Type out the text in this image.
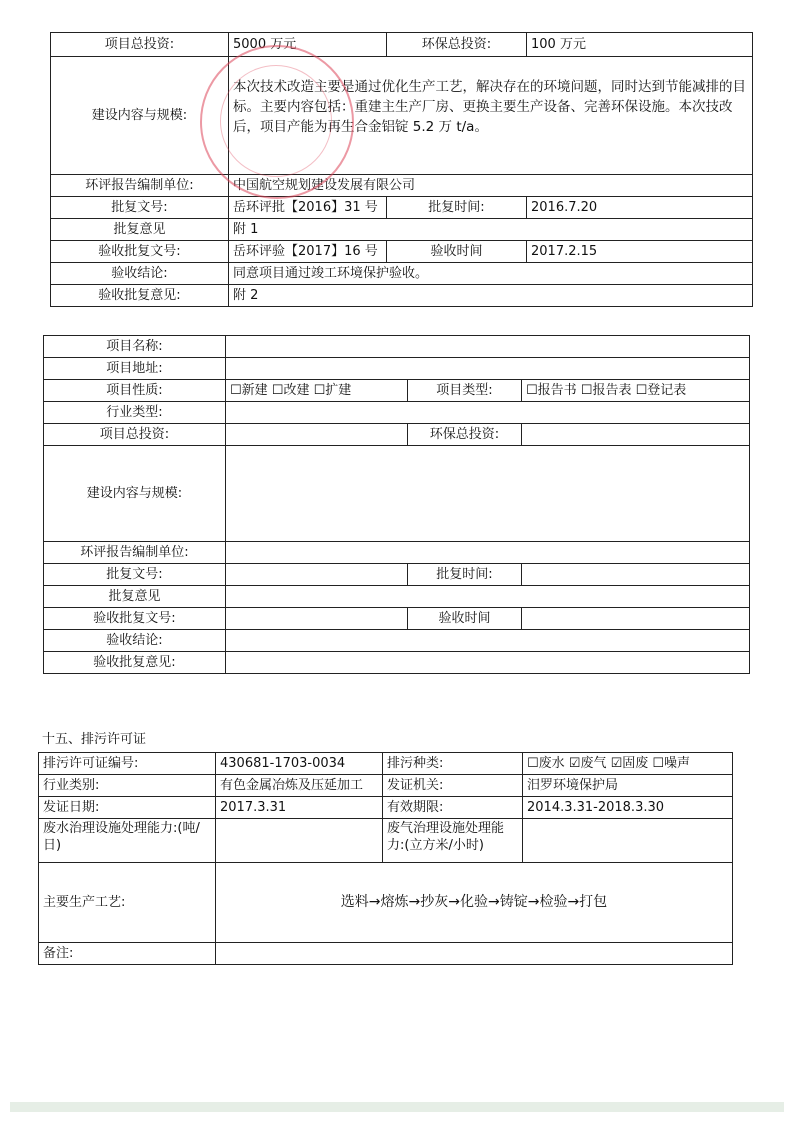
项目总投资:	5000 万元	环保总投资:	100 万元
建设内容与规模:	本次技术改造主要是通过优化生产工艺，解决存在的环境问题，同时达到节能减排的目标。主要内容包括：重建主生产厂房、更换主要生产设备、完善环保设施。本次技改后，项目产能为再生合金铝锭 5.2 万 t/a。		
环评报告编制单位:	中国航空规划建设发展有限公司		
批复文号:	岳环评批【2016】31 号	批复时间:	2016.7.20
批复意见	附 1		
验收批复文号:	岳环评验【2017】16 号	验收时间	2017.2.15
验收结论:	同意项目通过竣工环境保护验收。		
验收批复意见:	附 2		
项目名称:			
项目地址:			
项目性质:	☐新建 ☐改建 ☐扩建	项目类型:	☐报告书 ☐报告表 ☐登记表
行业类型:			
项目总投资:		环保总投资:	
建设内容与规模:			
环评报告编制单位:			
批复文号:		批复时间:	
批复意见			
验收批复文号:		验收时间	
验收结论:			
验收批复意见:			
十五、排污许可证
排污许可证编号:	430681-1703-0034	排污种类:	☐废水 ☑废气 ☑固废 ☐噪声
行业类别:	有色金属冶炼及压延加工	发证机关:	汨罗环境保护局
发证日期:	2017.3.31	有效期限:	2014.3.31-2018.3.30
废水治理设施处理能力:(吨/日)		废气治理设施处理能力:(立方米/小时)	
主要生产工艺:	选料→熔炼→抄灰→化验→铸锭→检验→打包		
备注:			
